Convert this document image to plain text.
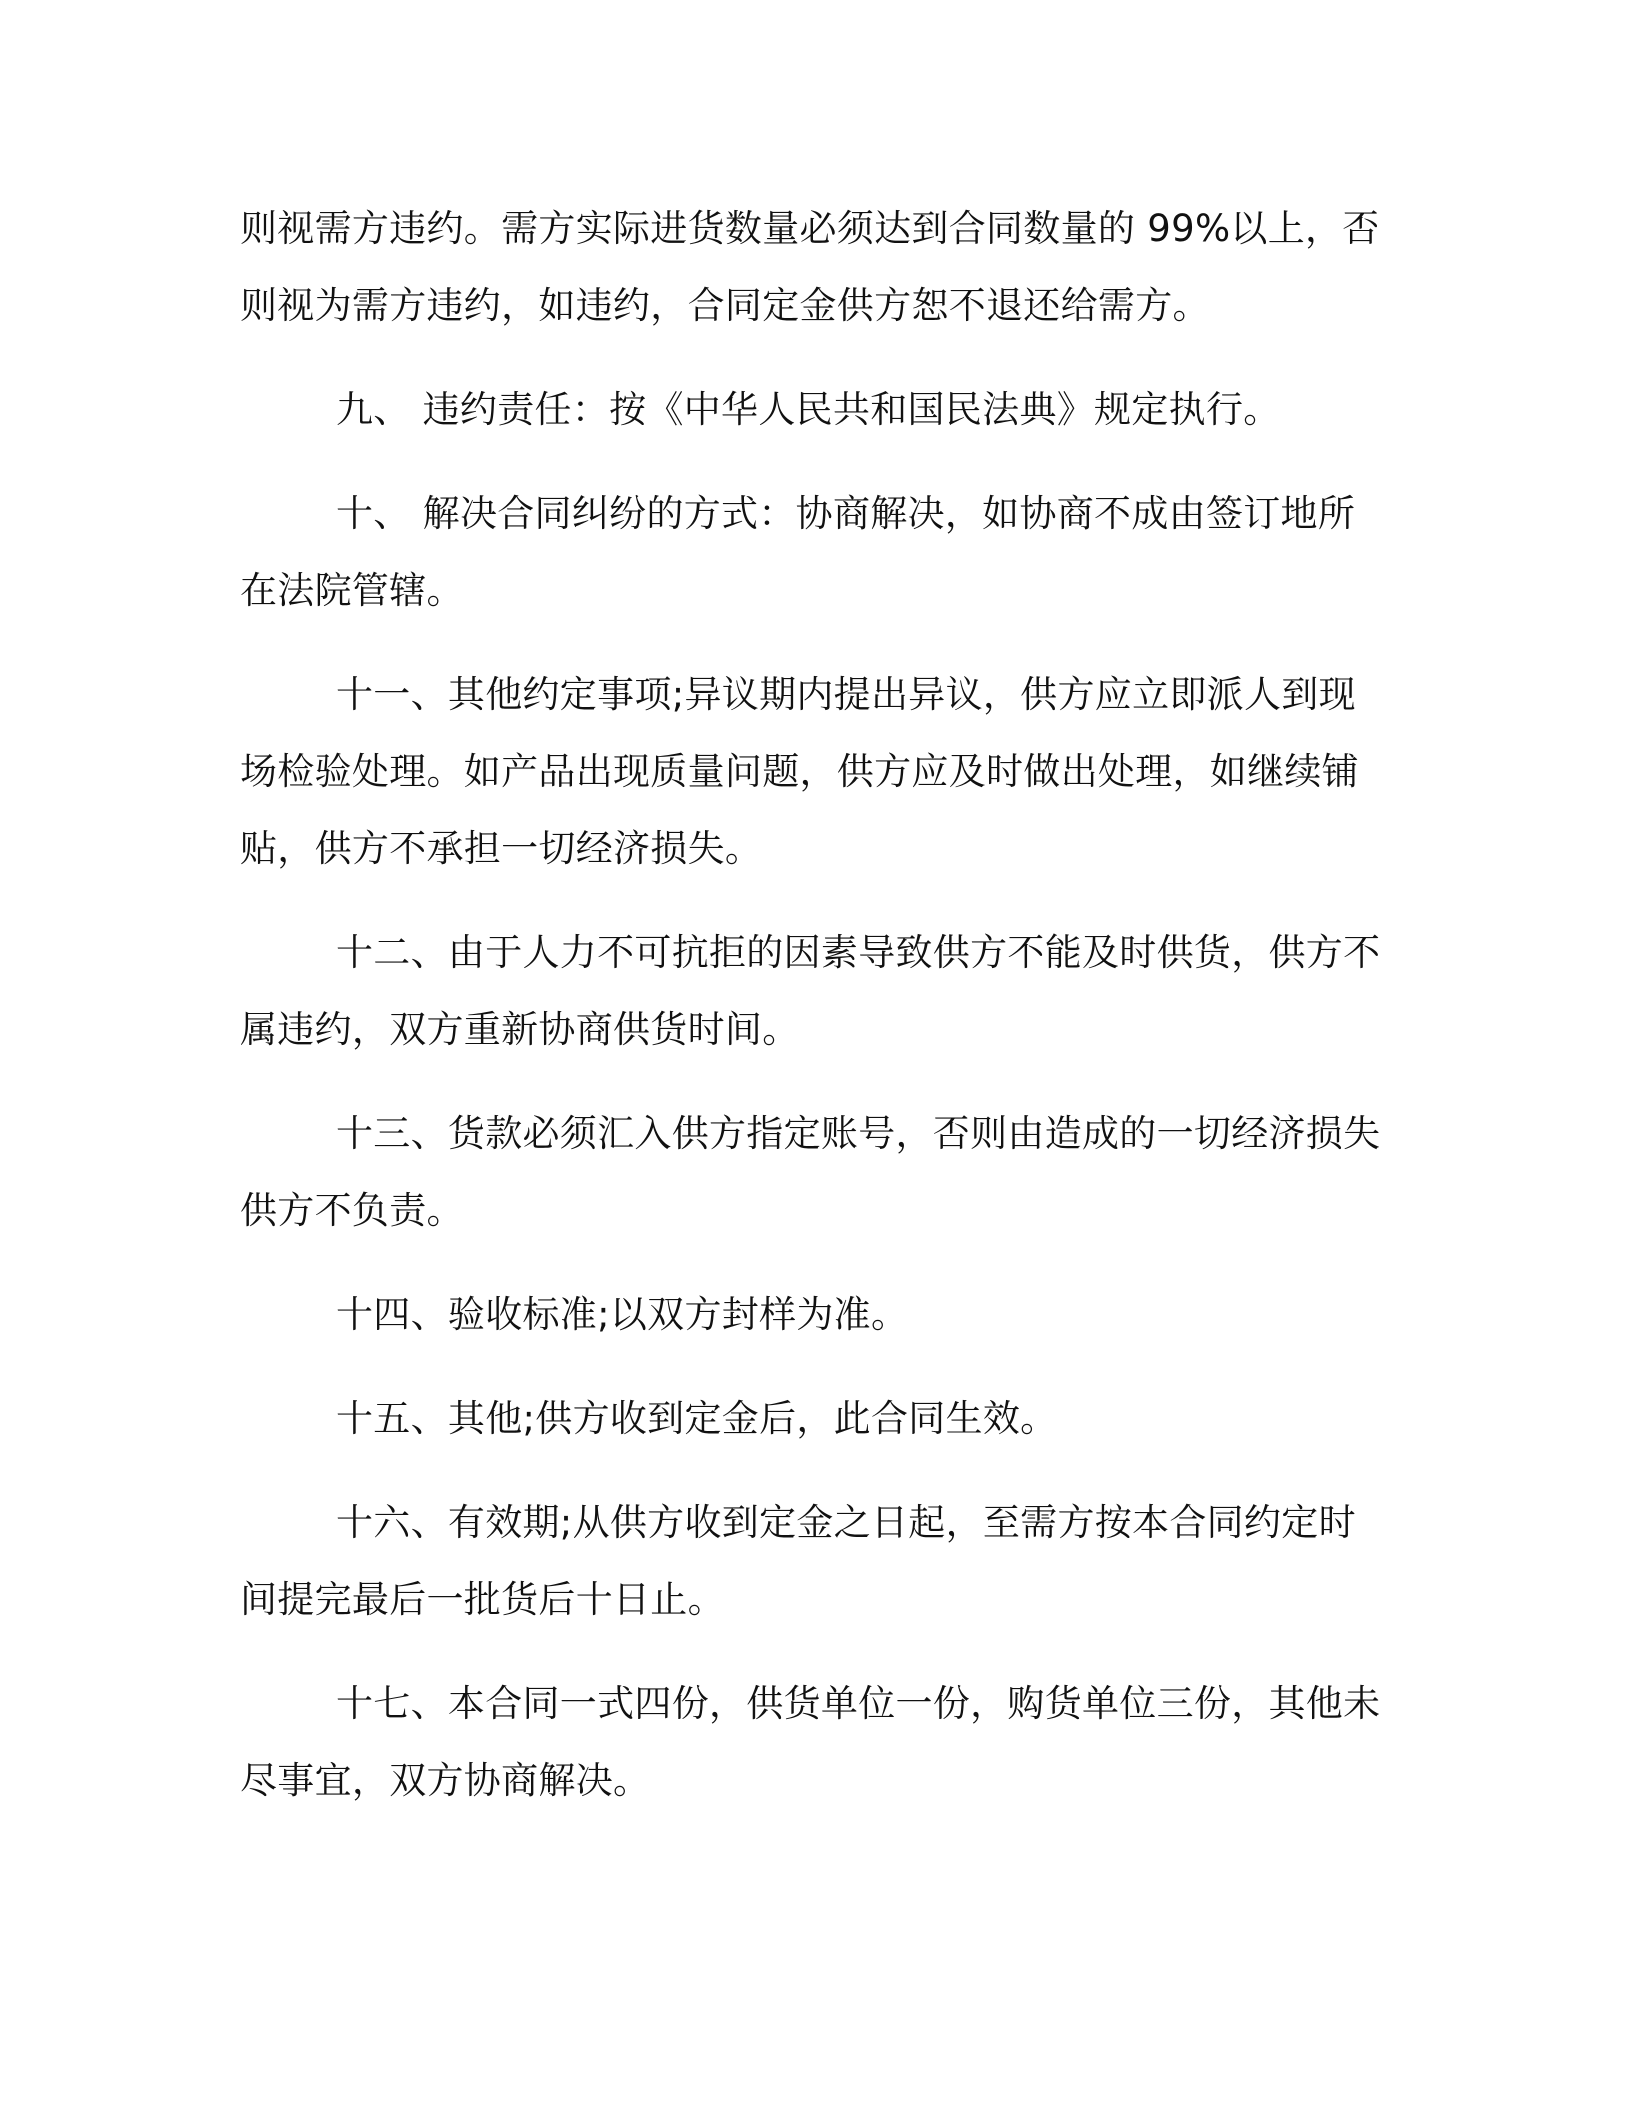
则视需方违约。需方实际进货数量必须达到合同数量的 99%以上，否则视为需方违约，如违约，合同定金供方恕不退还给需方。

九、 违约责任：按《中华人民共和国民法典》规定执行。

十、 解决合同纠纷的方式：协商解决，如协商不成由签订地所在法院管辖。

十一、其他约定事项;异议期内提出异议，供方应立即派人到现场检验处理。如产品出现质量问题，供方应及时做出处理，如继续铺贴，供方不承担一切经济损失。

十二、由于人力不可抗拒的因素导致供方不能及时供货，供方不属违约，双方重新协商供货时间。

十三、货款必须汇入供方指定账号，否则由造成的一切经济损失供方不负责。

十四、验收标准;以双方封样为准。

十五、其他;供方收到定金后，此合同生效。

十六、有效期;从供方收到定金之日起，至需方按本合同约定时间提完最后一批货后十日止。

十七、本合同一式四份，供货单位一份，购货单位三份，其他未尽事宜，双方协商解决。
